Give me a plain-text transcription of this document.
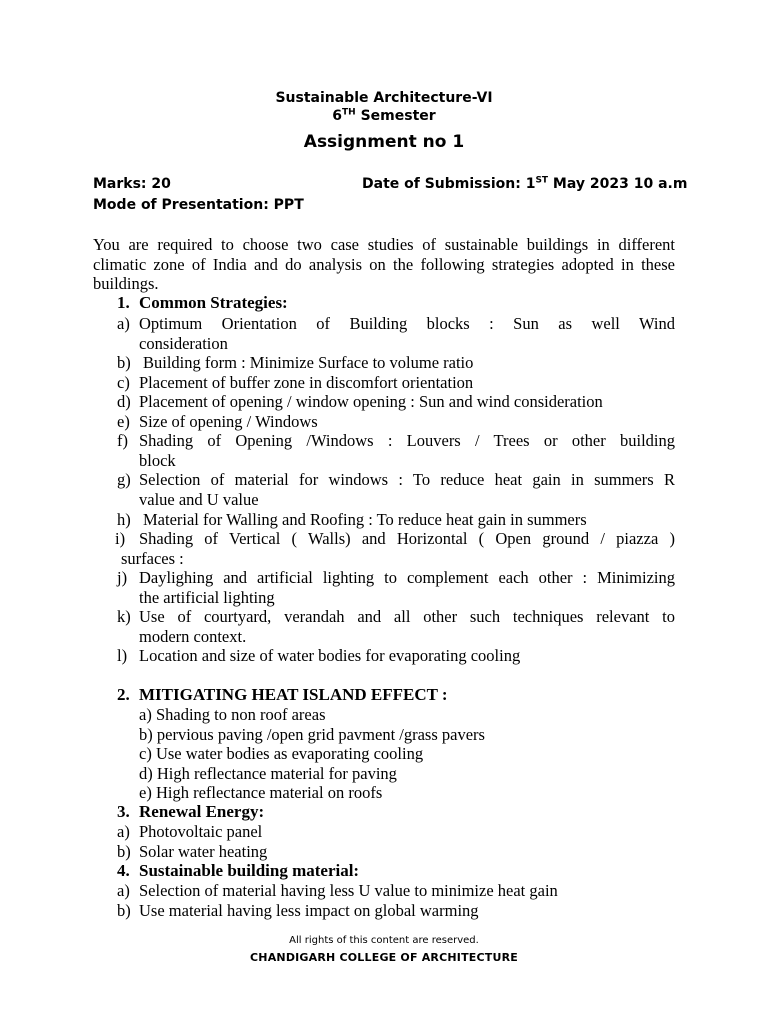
Sustainable Architecture-VI
6TH Semester
Assignment no 1
Marks: 20	Date of Submission: 1ST May 2023 10 a.m
Mode of Presentation: PPT
You are required to choose two case studies of sustainable buildings in different climatic zone of India and do analysis on the following strategies adopted in these buildings.
1. Common Strategies:
a) Optimum Orientation of Building blocks : Sun as well Wind
consideration
b) Building form : Minimize Surface to volume ratio
c) Placement of buffer zone in discomfort orientation
d) Placement of opening / window opening : Sun and wind consideration
e) Size of opening / Windows
f) Shading of Opening /Windows : Louvers / Trees or other building
block
g) Selection of material for windows : To reduce heat gain in summers R
value and U value
h) Material for Walling and Roofing : To reduce heat gain in summers
i) Shading of Vertical ( Walls) and Horizontal ( Open ground / piazza )
surfaces :
j) Daylighing and artificial lighting to complement each other : Minimizing
the artificial lighting
k) Use of courtyard, verandah and all other such techniques relevant to
modern context.
l) Location and size of water bodies for evaporating cooling
2. MITIGATING HEAT ISLAND EFFECT :
a) Shading to non roof areas
b) pervious paving /open grid pavment /grass pavers
c) Use water bodies as evaporating cooling
d) High reflectance material for paving
e) High reflectance material on roofs
3. Renewal Energy:
a) Photovoltaic panel
b) Solar water heating
4. Sustainable building material:
a) Selection of material having less U value to minimize heat gain
b) Use material having less impact on global warming
All rights of this content are reserved.
CHANDIGARH COLLEGE OF ARCHITECTURE
